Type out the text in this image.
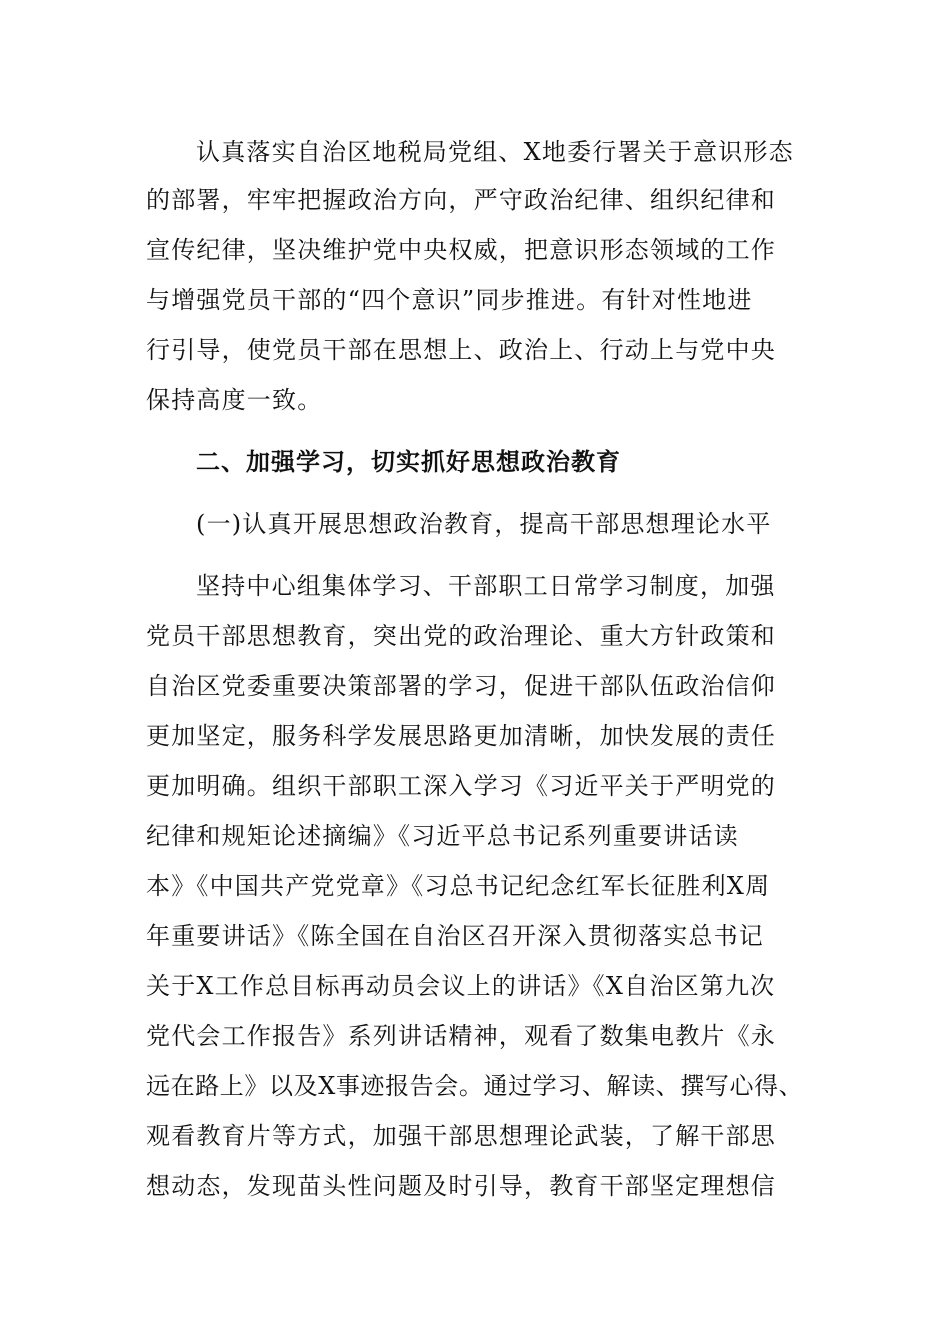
认真落实自治区地税局党组、X地委行署关于意识形态
的部署，牢牢把握政治方向，严守政治纪律、组织纪律和
宣传纪律，坚决维护党中央权威，把意识形态领域的工作
与增强党员干部的“四个意识”同步推进。有针对性地进
行引导，使党员干部在思想上、政治上、行动上与党中央
保持高度一致。
二、加强学习，切实抓好思想政治教育
(一)认真开展思想政治教育，提高干部思想理论水平
坚持中心组集体学习、干部职工日常学习制度，加强
党员干部思想教育，突出党的政治理论、重大方针政策和
自治区党委重要决策部署的学习，促进干部队伍政治信仰
更加坚定，服务科学发展思路更加清晰，加快发展的责任
更加明确。组织干部职工深入学习《习近平关于严明党的
纪律和规矩论述摘编》《习近平总书记系列重要讲话读
本》《中国共产党党章》《习总书记纪念红军长征胜利X周
年重要讲话》《陈全国在自治区召开深入贯彻落实总书记
关于X工作总目标再动员会议上的讲话》《X自治区第九次
党代会工作报告》系列讲话精神，观看了数集电教片《永
远在路上》以及X事迹报告会。通过学习、解读、撰写心得、
观看教育片等方式，加强干部思想理论武装，了解干部思
想动态，发现苗头性问题及时引导，教育干部坚定理想信
